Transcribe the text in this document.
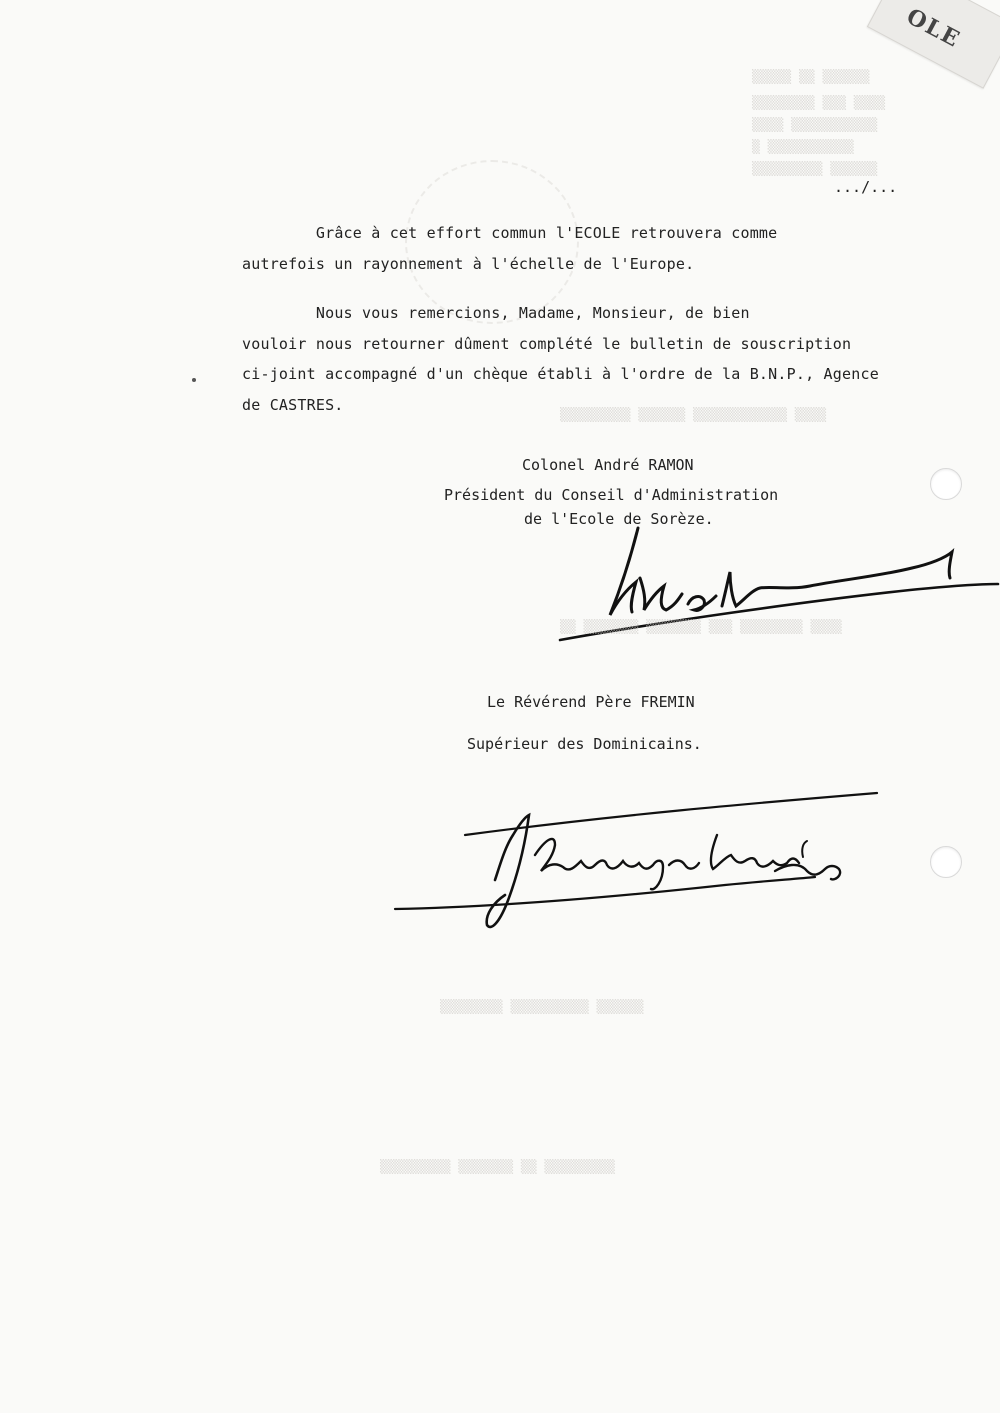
OLE
▒▒▒▒▒ ▒▒ ▒▒▒▒▒▒
▒▒▒▒▒▒▒▒ ▒▒▒ ▒▒▒▒
▒▒▒▒ ▒▒▒▒▒▒▒▒▒▒▒
▒ ▒▒▒▒▒▒▒▒▒▒▒
▒▒▒▒▒▒▒▒▒ ▒▒▒▒▒▒
.../...
Grâce à cet effort commun l'ECOLE retrouvera comme
autrefois un rayonnement à l'échelle de l'Europe.
Nous vous remercions, Madame, Monsieur, de bien
vouloir nous retourner dûment complété le bulletin de souscription
ci-joint accompagné d'un chèque établi à l'ordre de la B.N.P., Agence
de CASTRES.
Colonel André RAMON
Président du Conseil d'Administration
de l'Ecole de Sorèze.
Le Révérend Père FREMIN
Supérieur des Dominicains.
▒▒▒▒▒▒▒▒▒ ▒▒▒▒▒▒ ▒▒▒▒▒▒▒▒▒▒▒▒ ▒▒▒▒
▒▒ ▒▒▒▒▒▒▒ ▒▒▒▒▒▒▒ ▒▒▒ ▒▒▒▒▒▒▒▒ ▒▒▒▒
▒▒▒▒▒▒▒▒ ▒▒▒▒▒▒▒▒▒▒ ▒▒▒▒▒▒
▒▒▒▒▒▒▒▒▒ ▒▒▒▒▒▒▒ ▒▒ ▒▒▒▒▒▒▒▒▒
